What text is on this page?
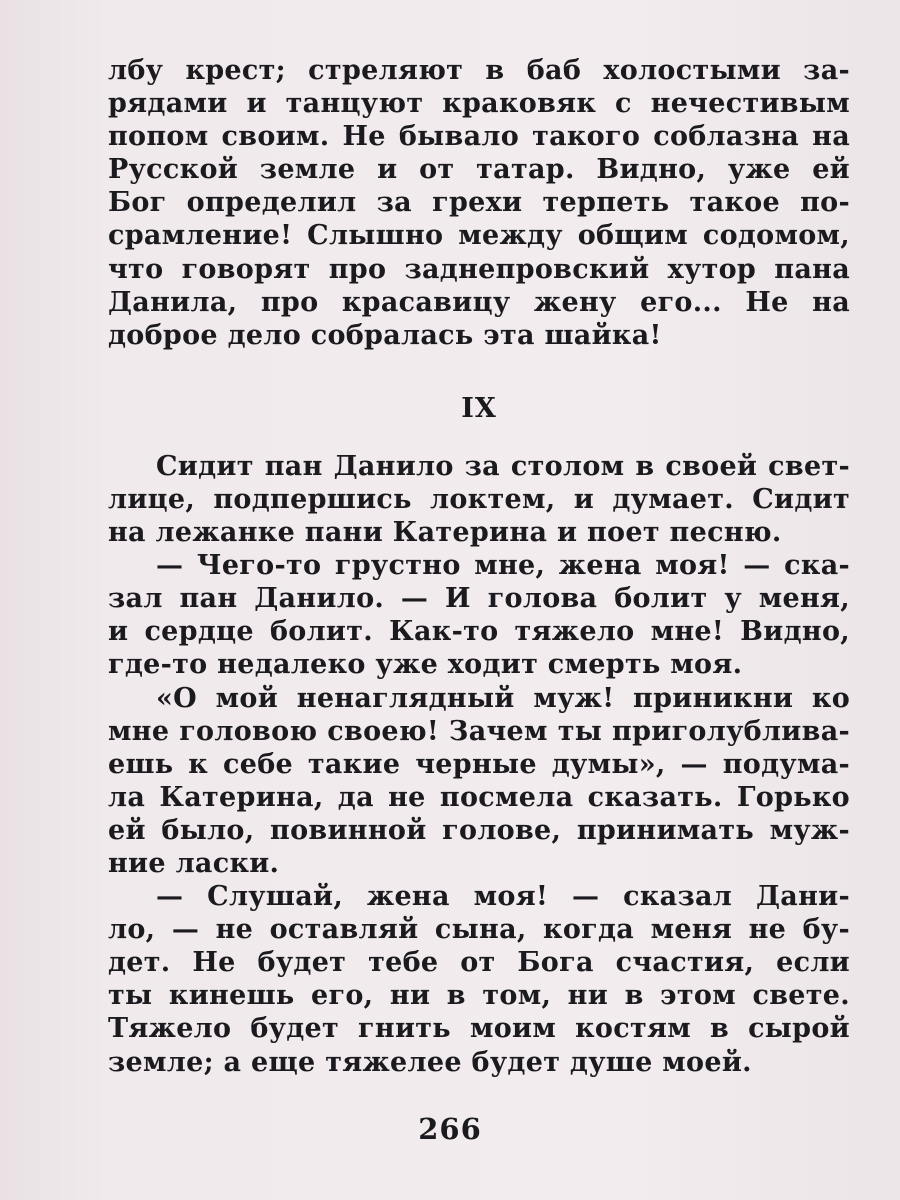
лбу крест; стреляют в баб холостыми за-
рядами и танцуют краковяк с нечестивым
попом своим. Не бывало такого соблазна на
Русской земле и от татар. Видно, уже ей
Бог определил за грехи терпеть такое по-
срамление! Слышно между общим содомом,
что говорят про заднепровский хутор пана
Данила, про красавицу жену его... Не на
доброе дело собралась эта шайка!
IX
Сидит пан Данило за столом в своей свет-
лице, подпершись локтем, и думает. Сидит
на лежанке пани Катерина и поет песню.
— Чего-то грустно мне, жена моя! — ска-
зал пан Данило. — И голова болит у меня,
и сердце болит. Как-то тяжело мне! Видно,
где-то недалеко уже ходит смерть моя.
«О мой ненаглядный муж! приникни ко
мне головою своею! Зачем ты приголублива-
ешь к себе такие черные думы», — подума-
ла Катерина, да не посмела сказать. Горько
ей было, повинной голове, принимать муж-
ние ласки.
— Слушай, жена моя! — сказал Дани-
ло, — не оставляй сына, когда меня не бу-
дет. Не будет тебе от Бога счастия, если
ты кинешь его, ни в том, ни в этом свете.
Тяжело будет гнить моим костям в сырой
земле; а еще тяжелее будет душе моей.
266
